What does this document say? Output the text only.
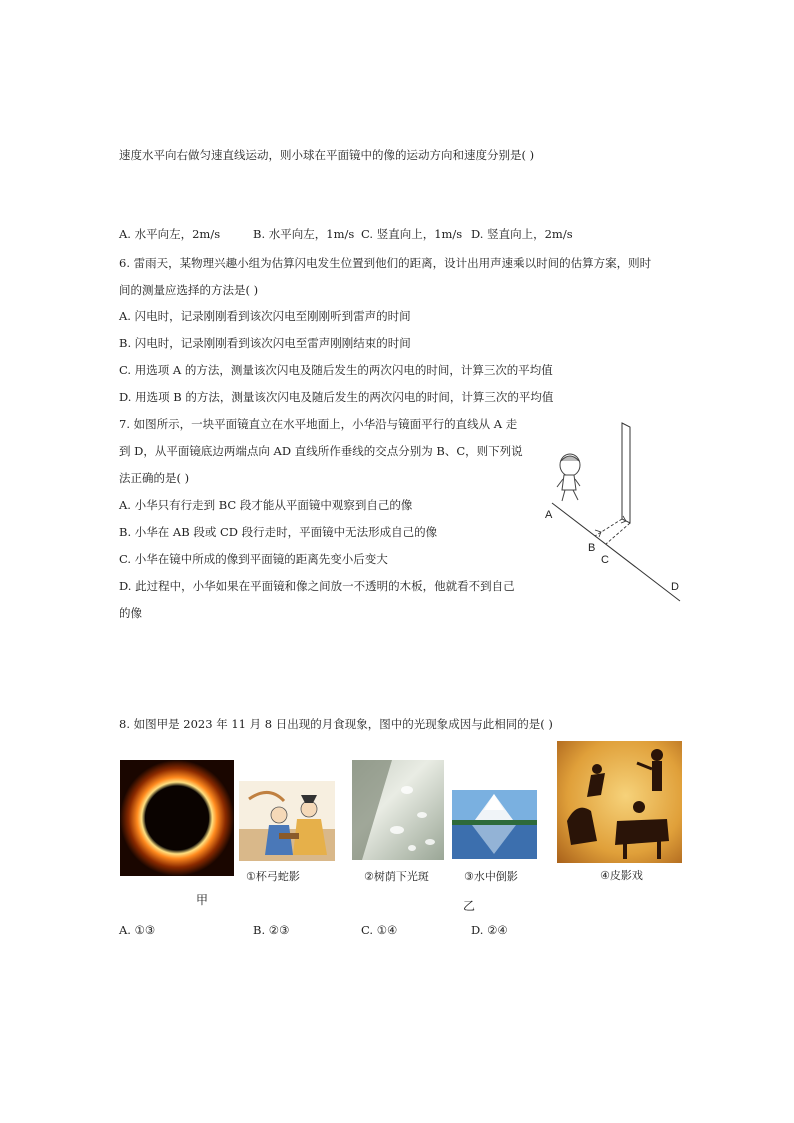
速度水平向右做匀速直线运动，则小球在平面镜中的像的运动方向和速度分别是( )
A. 水平向左，2m/s	B. 水平向左，1m/s C. 竖直向上，1m/s D. 竖直向上，2m/s
6. 雷雨天，某物理兴趣小组为估算闪电发生位置到他们的距离，设计出用声速乘以时间的估算方案，则时
间的测量应选择的方法是( )
A. 闪电时，记录刚刚看到该次闪电至刚刚听到雷声的时间
B. 闪电时，记录刚刚看到该次闪电至雷声刚刚结束的时间
C. 用选项 A 的方法，测量该次闪电及随后发生的两次闪电的时间，计算三次的平均值
D. 用选项 B 的方法，测量该次闪电及随后发生的两次闪电的时间，计算三次的平均值
7. 如图所示，一块平面镜直立在水平地面上，小华沿与镜面平行的直线从 A 走
到 D，从平面镜底边两端点向 AD 直线所作垂线的交点分别为 B、C，则下列说
法正确的是( )
A. 小华只有行走到 BC 段才能从平面镜中观察到自己的像
B. 小华在 AB 段或 CD 段行走时，平面镜中无法形成自己的像
C. 小华在镜中所成的像到平面镜的距离先变小后变大
D. 此过程中，小华如果在平面镜和像之间放一不透明的木板，他就看不到自己
的像
A
B
C
D
8. 如图甲是 2023 年 11 月 8 日出现的月食现象，图中的光现象成因与此相同的是( )
甲
①杯弓蛇影	②树荫下光斑	③水中倒影	④皮影戏
乙
A. ①③	B. ②③	C. ①④	D. ②④
